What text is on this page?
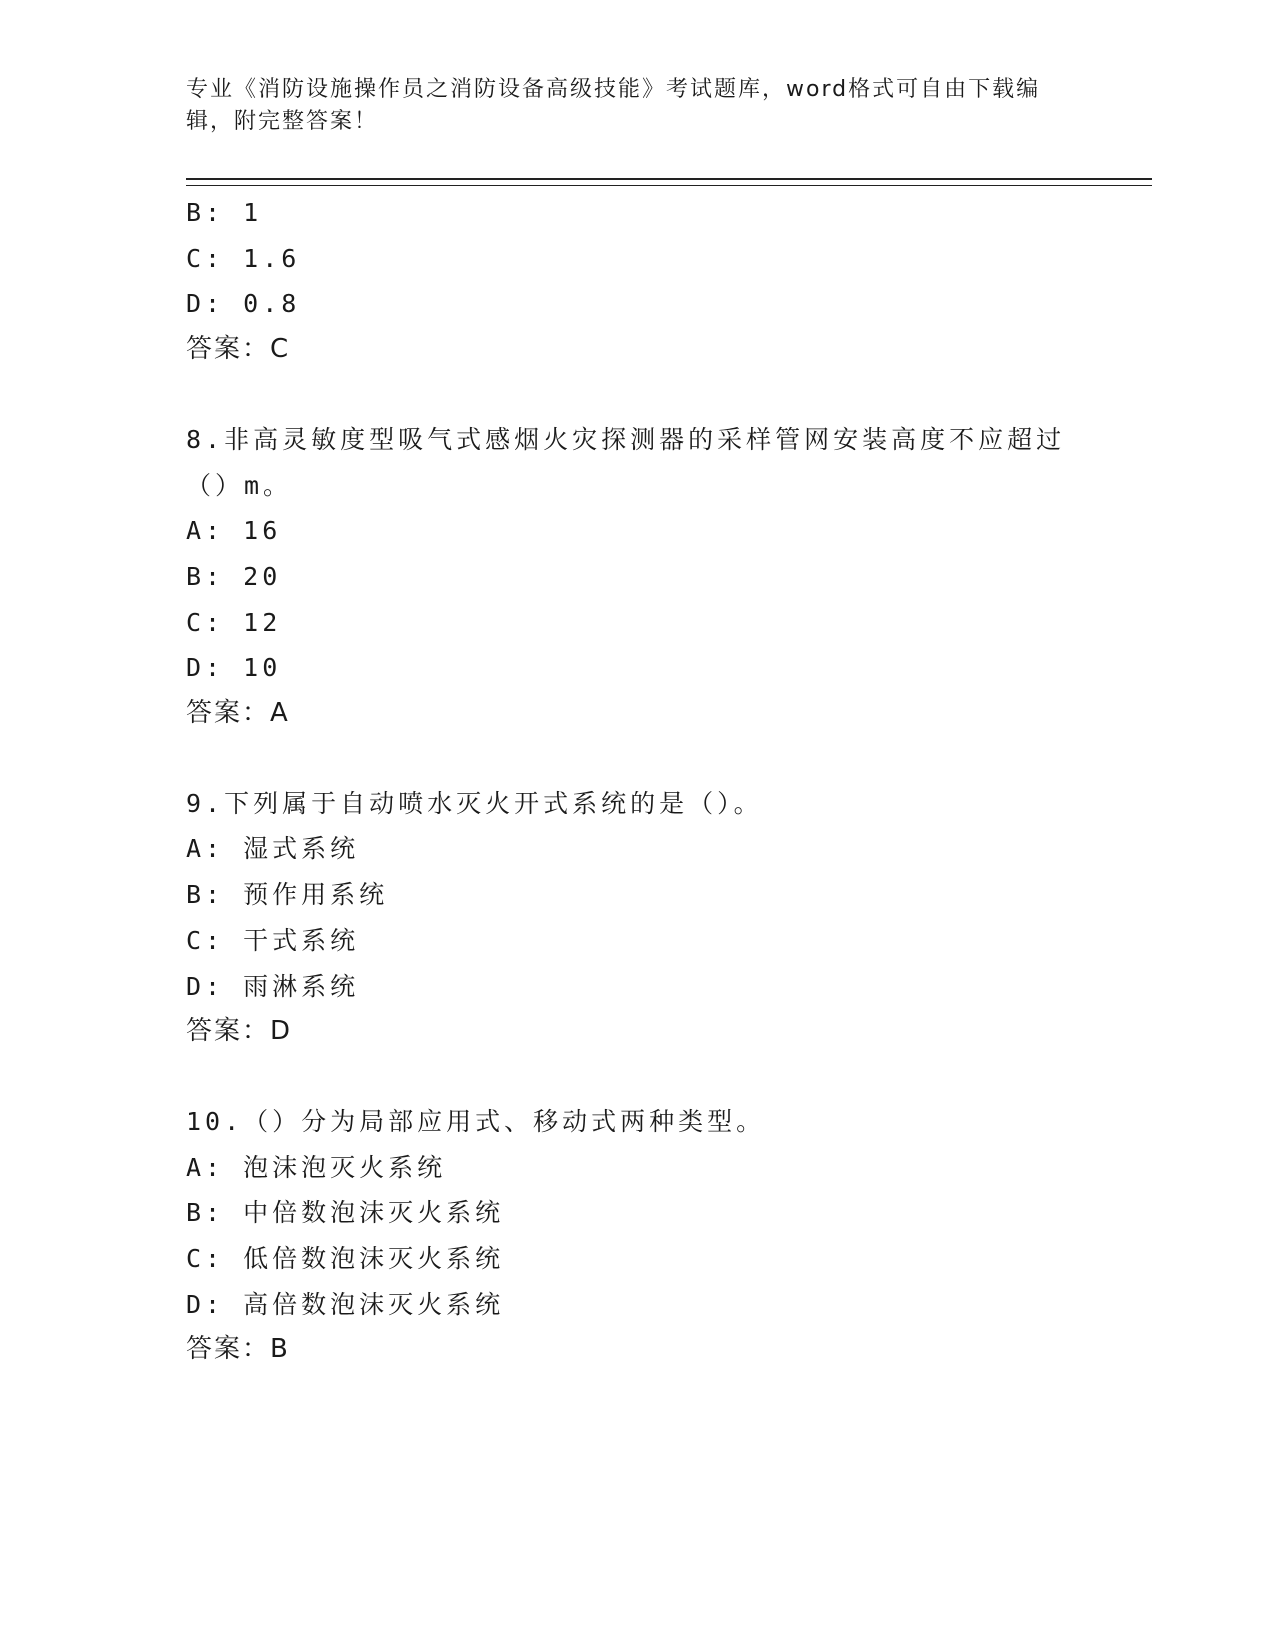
专业《消防设施操作员之消防设备高级技能》考试题库，word格式可自由下载编辑，附完整答案！
B: 1
C: 1.6
D: 0.8
答案：C
8.非高灵敏度型吸气式感烟火灾探测器的采样管网安装高度不应超过（）m。
A: 16
B: 20
C: 12
D: 10
答案：A
9.下列属于自动喷水灭火开式系统的是（）。
A: 湿式系统
B: 预作用系统
C: 干式系统
D: 雨淋系统
答案：D
10.（）分为局部应用式、移动式两种类型。
A: 泡沫泡灭火系统
B: 中倍数泡沫灭火系统
C: 低倍数泡沫灭火系统
D: 高倍数泡沫灭火系统
答案：B
